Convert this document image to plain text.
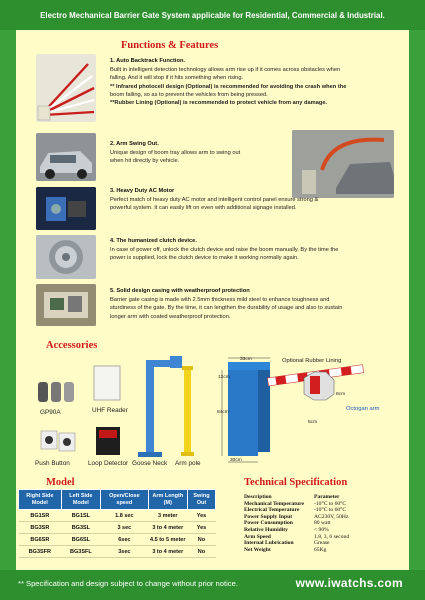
Electro Mechanical Barrier Gate System applicable for Residential, Commercial & Industrial.
Functions & Features
1. Auto Backtrack Function.
Built in intelligent detection technology allows arm rise up if it comes across obstacles when
falling. And it will stop if it hits something when rising.
** Infrared photocell design (Optional) is recommended for avoiding the crash when the
boom falling, so as to prevent the vehicles from being pressed.
**Rubber Lining (Optional) is recommended to protect vehicle from any damage.
2. Arm Swing Out.
Unique design of boom tray allows arm to swing out
when hit directly by vehicle.
3. Heavy Duty AC Motor
Perfect match of heavy duty AC motor and intelligent control panel ensure strong &
powerful system. It can easily lift on even with additional signage installed.
4. The humanized clutch device.
In case of power off, unlock the clutch device and raise the boom manually. By the time the
power is supplied, lock the clutch device to make it working normally again.
5. Solid design casing with weatherproof protection
Barrier gate casing is made with 2.5mm thickness mild steel to enhance toughness and
sturdiness of the gate. By the time, it can lengthen the durability of usage and also to sustain
longer arm with coated weatherproof protection.
Accessories
GP90A	UHF Reader
Push Button	Loop Detector Goose Neck Arm pole
33cm
12cm
84cm
30cm
8cm
5cm
Optional Rubber Lining
Octogan arm
Model
Right Side Model	Left Side Model	Open/Close speed	Arm Length (M)	Swing Out
BG1SR	BG1SL	1.8 sec	3 meter	Yes
BG3SR	BG3SL	3 sec	3 to 4 meter	Yes
BG6SR	BG6SL	6sec	4.5 to 5 meter	No
BG3SFR	BG3SFL	3sec	3 to 4 meter	No
Technical Specification
Description	Parameter
Mechanical Temperature	-10°C to 60°C
Electrical Temperature	-10°C to 60°C
Power Supply Input	AC230V, 50Hz
Power Consumption	80 watt
Relative Humidity	< 90%
Arm Speed	1.8, 3, 6 second
Internal Lubrication	Grease
Net Weight	65Kg
** Specification and design subject to change without prior notice.	www.iwatchs.com
